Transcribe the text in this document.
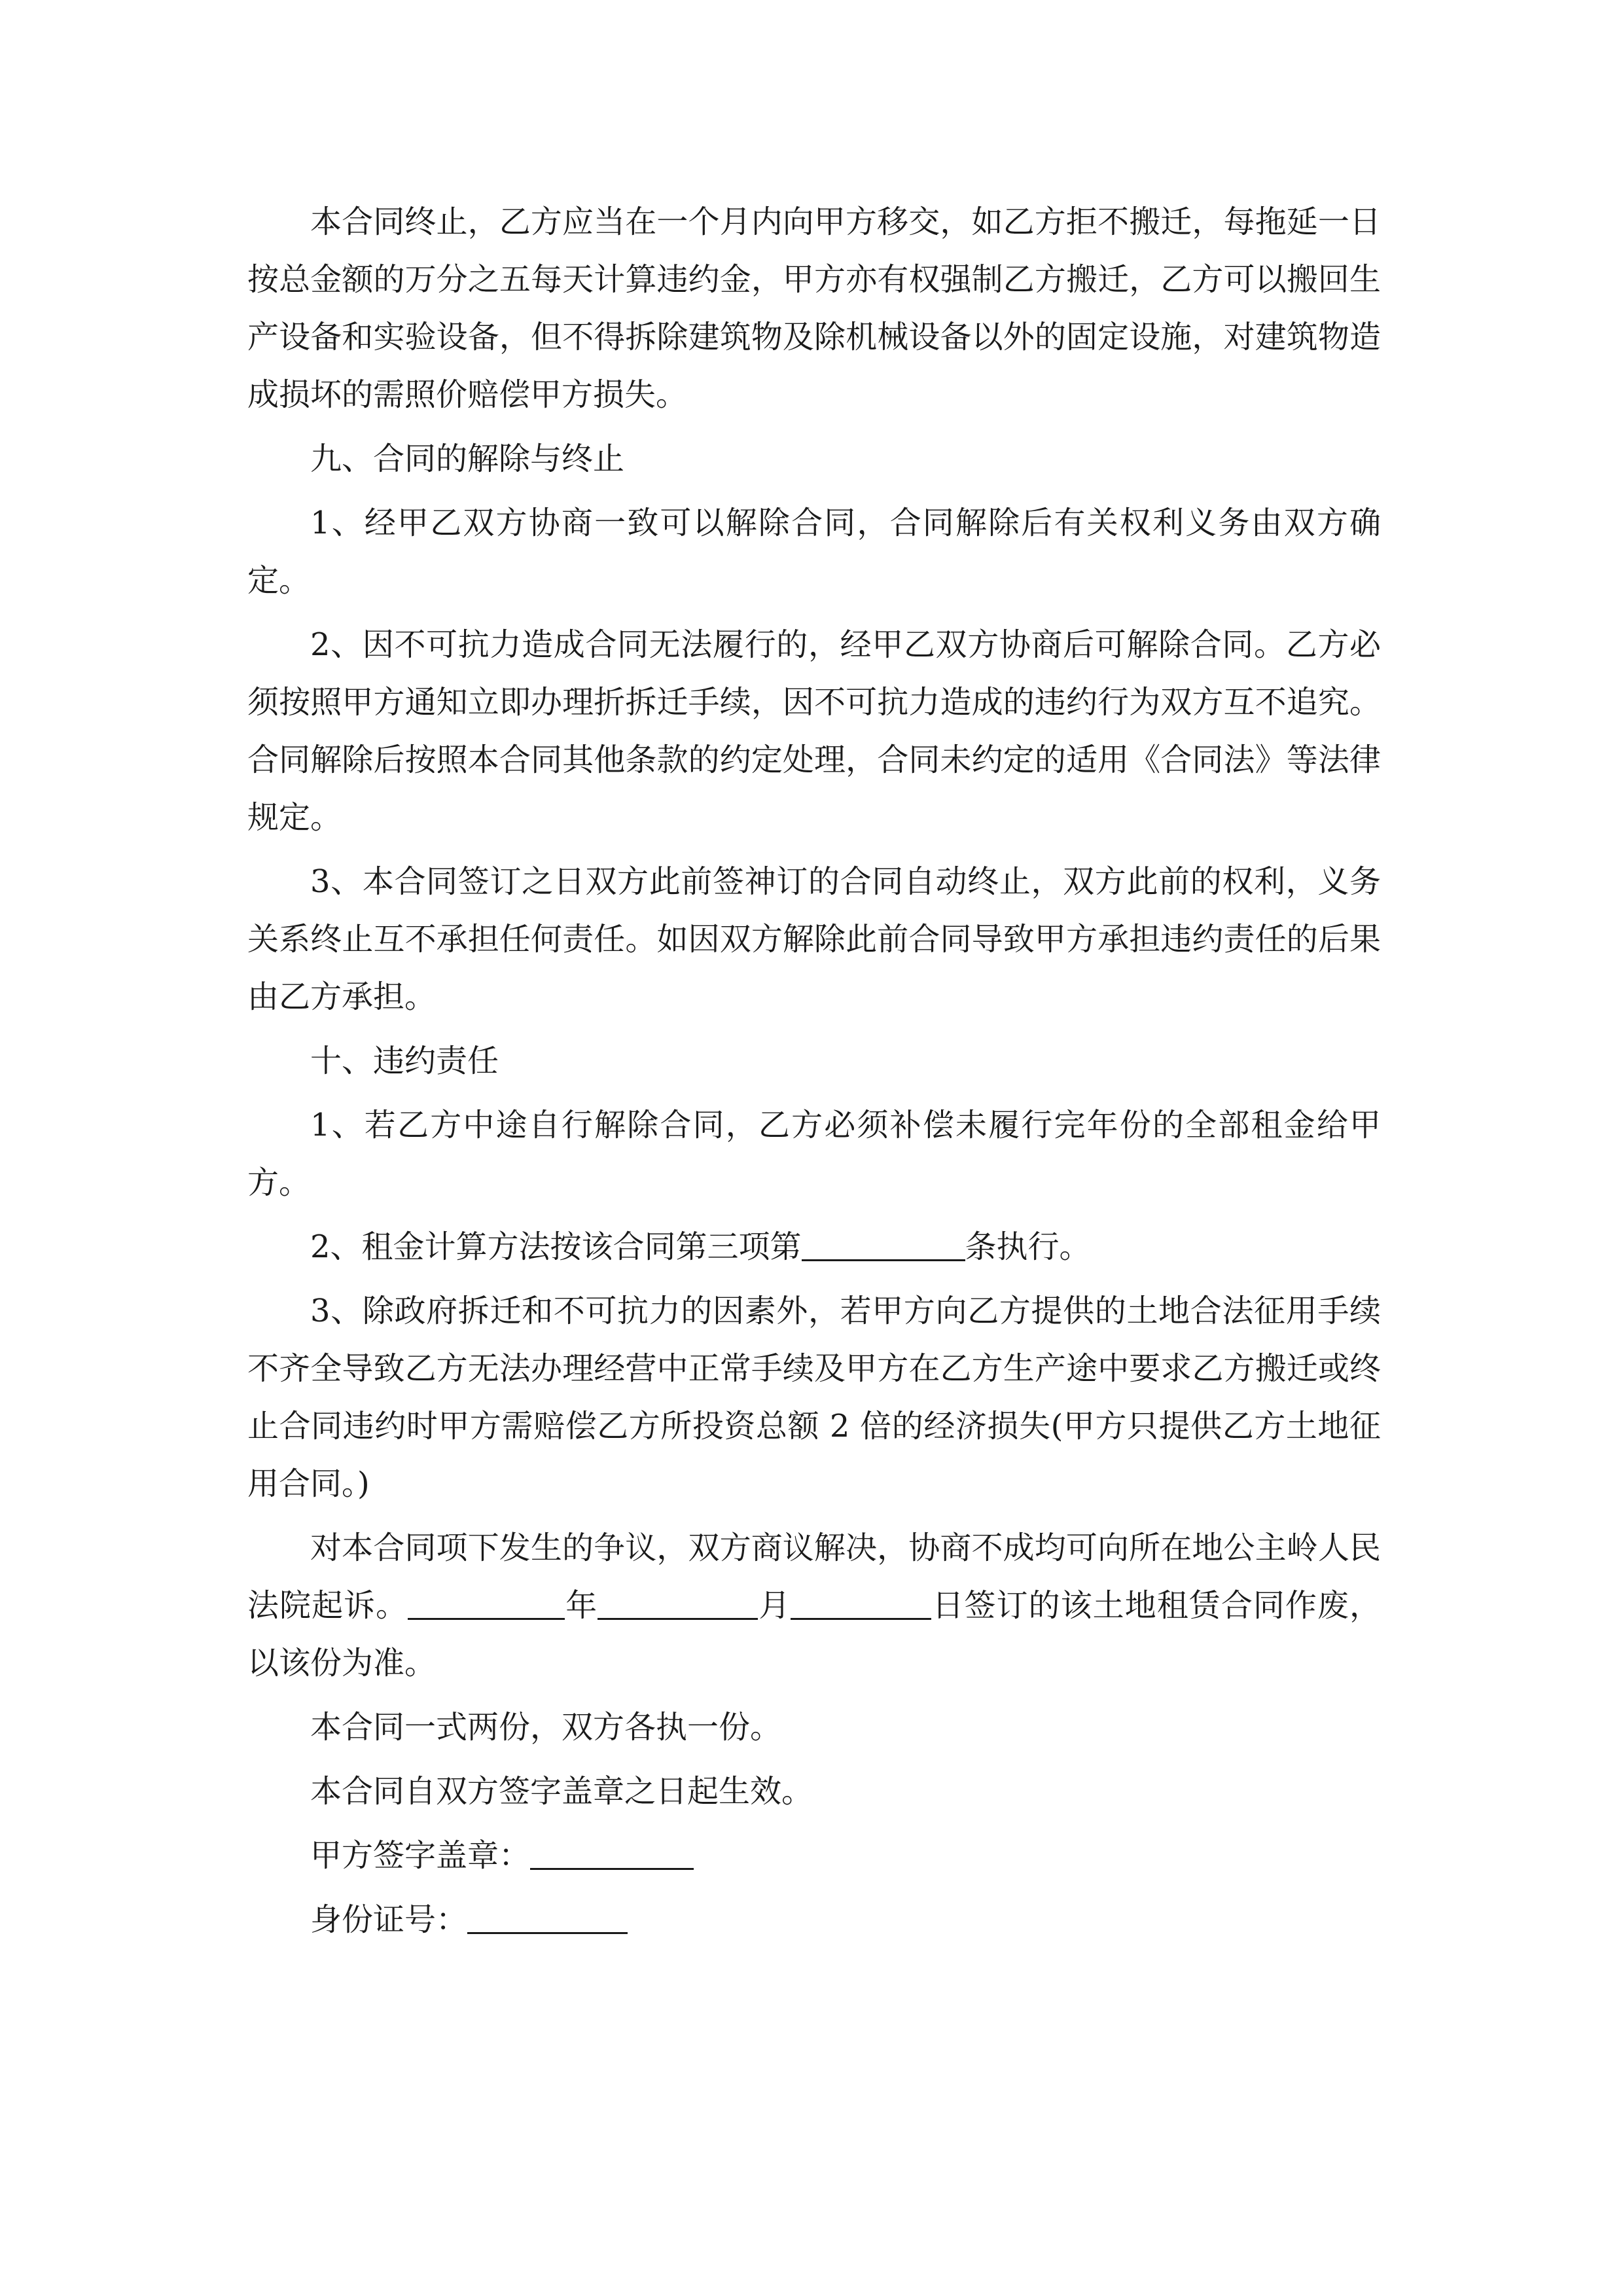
本合同终止，乙方应当在一个月内向甲方移交，如乙方拒不搬迁，每拖延一日按总金额的万分之五每天计算违约金，甲方亦有权强制乙方搬迁，乙方可以搬回生产设备和实验设备，但不得拆除建筑物及除机械设备以外的固定设施，对建筑物造成损坏的需照价赔偿甲方损失。

九、合同的解除与终止

1、经甲乙双方协商一致可以解除合同，合同解除后有关权利义务由双方确定。

2、因不可抗力造成合同无法履行的，经甲乙双方协商后可解除合同。乙方必须按照甲方通知立即办理折拆迁手续，因不可抗力造成的违约行为双方互不追究。合同解除后按照本合同其他条款的约定处理，合同未约定的适用《合同法》等法律规定。

3、本合同签订之日双方此前签神订的合同自动终止，双方此前的权利，义务关系终止互不承担任何责任。如因双方解除此前合同导致甲方承担违约责任的后果由乙方承担。

十、违约责任

1、若乙方中途自行解除合同，乙方必须补偿未履行完年份的全部租金给甲方。

2、租金计算方法按该合同第三项第	条执行。

3、除政府拆迁和不可抗力的因素外，若甲方向乙方提供的土地合法征用手续不齐全导致乙方无法办理经营中正常手续及甲方在乙方生产途中要求乙方搬迁或终止合同违约时甲方需赔偿乙方所投资总额 2 倍的经济损失(甲方只提供乙方土地征用合同。)

对本合同项下发生的争议，双方商议解决，协商不成均可向所在地公主岭人民法院起诉。	年	月	日签订的该土地租赁合同作废，以该份为准。

本合同一式两份，双方各执一份。

本合同自双方签字盖章之日起生效。

甲方签字盖章：

身份证号：
